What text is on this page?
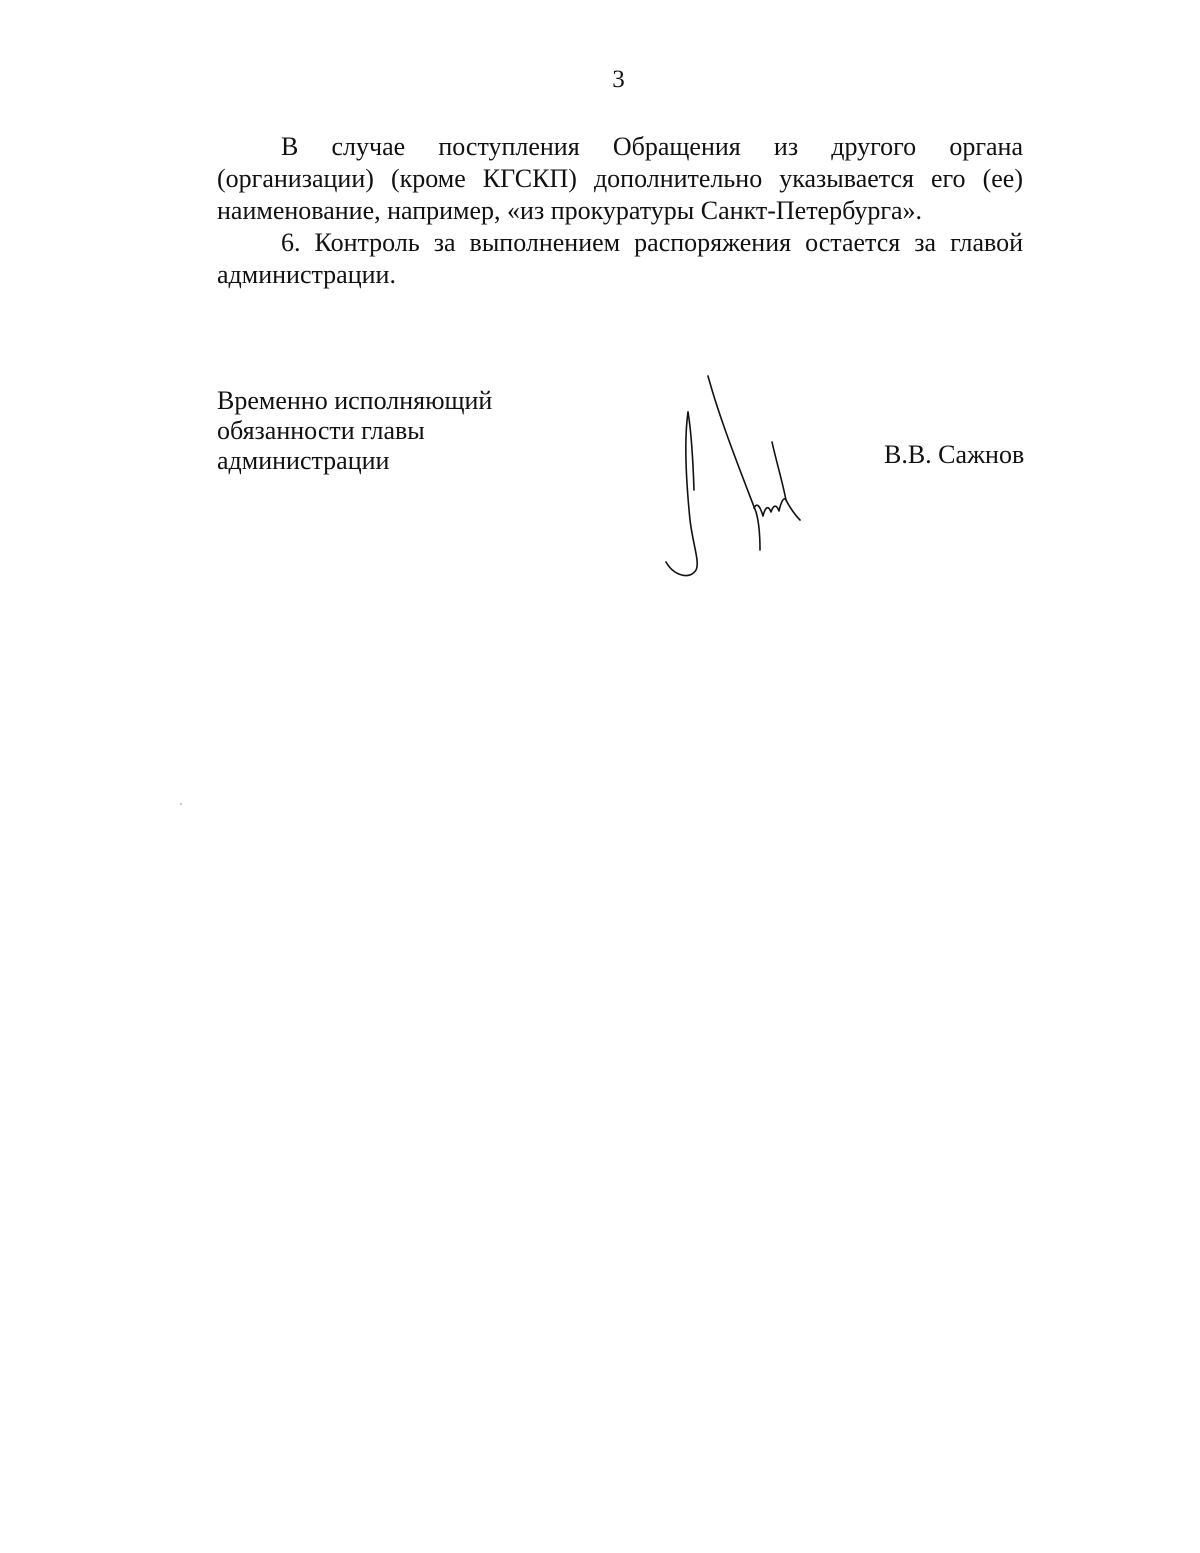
3

В случае поступления Обращения из другого органа (организации) (кроме КГСКП) дополнительно указывается его (ее) наименование, например, «из прокуратуры Санкт-Петербурга».

6. Контроль за выполнением распоряжения остается за главой администрации.

Временно исполняющий
обязанности главы
администрации	В.В. Сажнов
